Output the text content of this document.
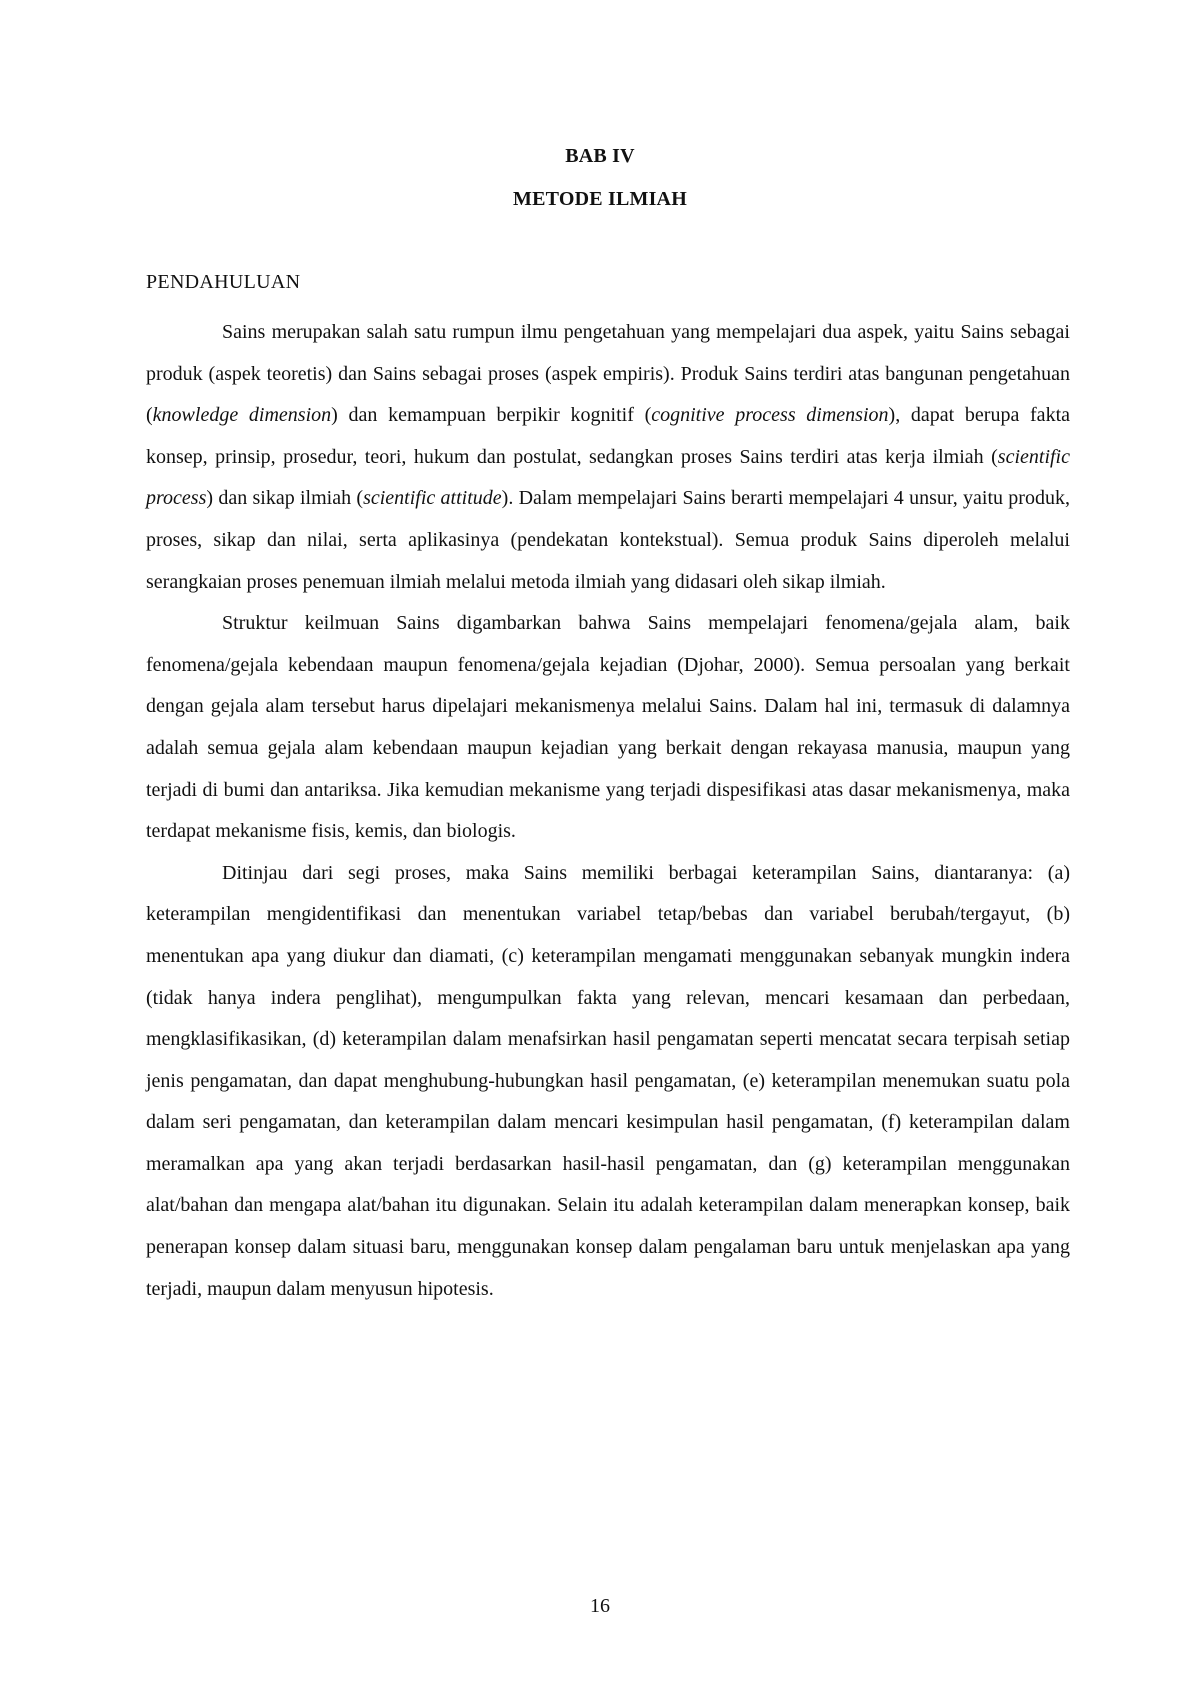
BAB IV
METODE ILMIAH
PENDAHULUAN

Sains merupakan salah satu rumpun ilmu pengetahuan yang mempelajari dua aspek, yaitu Sains sebagai produk (aspek teoretis) dan Sains sebagai proses (aspek empiris). Produk Sains terdiri atas bangunan pengetahuan (knowledge dimension) dan kemampuan berpikir kognitif (cognitive process dimension), dapat berupa fakta konsep, prinsip, prosedur, teori, hukum dan postulat, sedangkan proses Sains terdiri atas kerja ilmiah (scientific process) dan sikap ilmiah (scientific attitude). Dalam mempelajari Sains berarti mempelajari 4 unsur, yaitu produk, proses, sikap dan nilai, serta aplikasinya (pendekatan kontekstual). Semua produk Sains diperoleh melalui serangkaian proses penemuan ilmiah melalui metoda ilmiah yang didasari oleh sikap ilmiah.

Struktur keilmuan Sains digambarkan bahwa Sains mempelajari fenomena/gejala alam, baik fenomena/gejala kebendaan maupun fenomena/gejala kejadian (Djohar, 2000). Semua persoalan yang berkait dengan gejala alam tersebut harus dipelajari mekanismenya melalui Sains. Dalam hal ini, termasuk di dalamnya adalah semua gejala alam kebendaan maupun kejadian yang berkait dengan rekayasa manusia, maupun yang terjadi di bumi dan antariksa. Jika kemudian mekanisme yang terjadi dispesifikasi atas dasar mekanismenya, maka terdapat mekanisme fisis, kemis, dan biologis.

Ditinjau dari segi proses, maka Sains memiliki berbagai keterampilan Sains, diantaranya: (a) keterampilan mengidentifikasi dan menentukan variabel tetap/bebas dan variabel berubah/tergayut, (b) menentukan apa yang diukur dan diamati, (c) keterampilan mengamati menggunakan sebanyak mungkin indera (tidak hanya indera penglihat), mengumpulkan fakta yang relevan, mencari kesamaan dan perbedaan, mengklasifikasikan, (d) keterampilan dalam menafsirkan hasil pengamatan seperti mencatat secara terpisah setiap jenis pengamatan, dan dapat menghubung-hubungkan hasil pengamatan, (e) keterampilan menemukan suatu pola dalam seri pengamatan, dan keterampilan dalam mencari kesimpulan hasil pengamatan, (f) keterampilan dalam meramalkan apa yang akan terjadi berdasarkan hasil-hasil pengamatan, dan (g) keterampilan menggunakan alat/bahan dan mengapa alat/bahan itu digunakan. Selain itu adalah keterampilan dalam menerapkan konsep, baik penerapan konsep dalam situasi baru, menggunakan konsep dalam pengalaman baru untuk menjelaskan apa yang terjadi, maupun dalam menyusun hipotesis.

16
